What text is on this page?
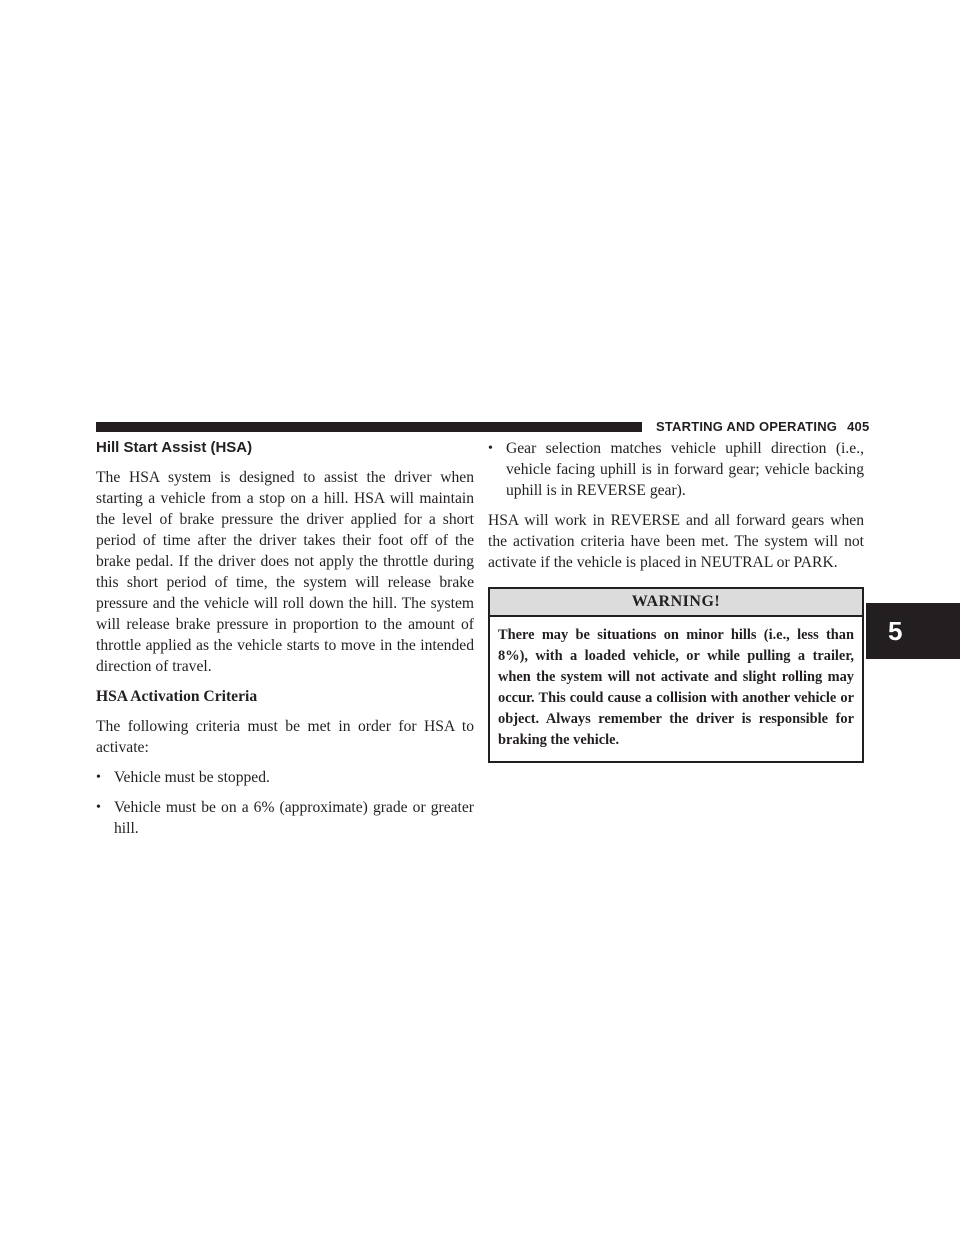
STARTING AND OPERATING 405
5
Hill Start Assist (HSA)

The HSA system is designed to assist the driver when starting a vehicle from a stop on a hill. HSA will maintain the level of brake pressure the driver applied for a short period of time after the driver takes their foot off of the brake pedal. If the driver does not apply the throttle during this short period of time, the system will release brake pressure and the vehicle will roll down the hill. The system will release brake pressure in proportion to the amount of throttle applied as the vehicle starts to move in the intended direction of travel.

HSA Activation Criteria

The following criteria must be met in order for HSA to activate:

• Vehicle must be stopped.
• Vehicle must be on a 6% (approximate) grade or greater hill.
• Gear selection matches vehicle uphill direction (i.e., vehicle facing uphill is in forward gear; vehicle backing uphill is in REVERSE gear).

HSA will work in REVERSE and all forward gears when the activation criteria have been met. The system will not activate if the vehicle is placed in NEUTRAL or PARK.

WARNING!
There may be situations on minor hills (i.e., less than 8%), with a loaded vehicle, or while pulling a trailer, when the system will not activate and slight rolling may occur. This could cause a collision with another vehicle or object. Always remember the driver is responsible for braking the vehicle.
